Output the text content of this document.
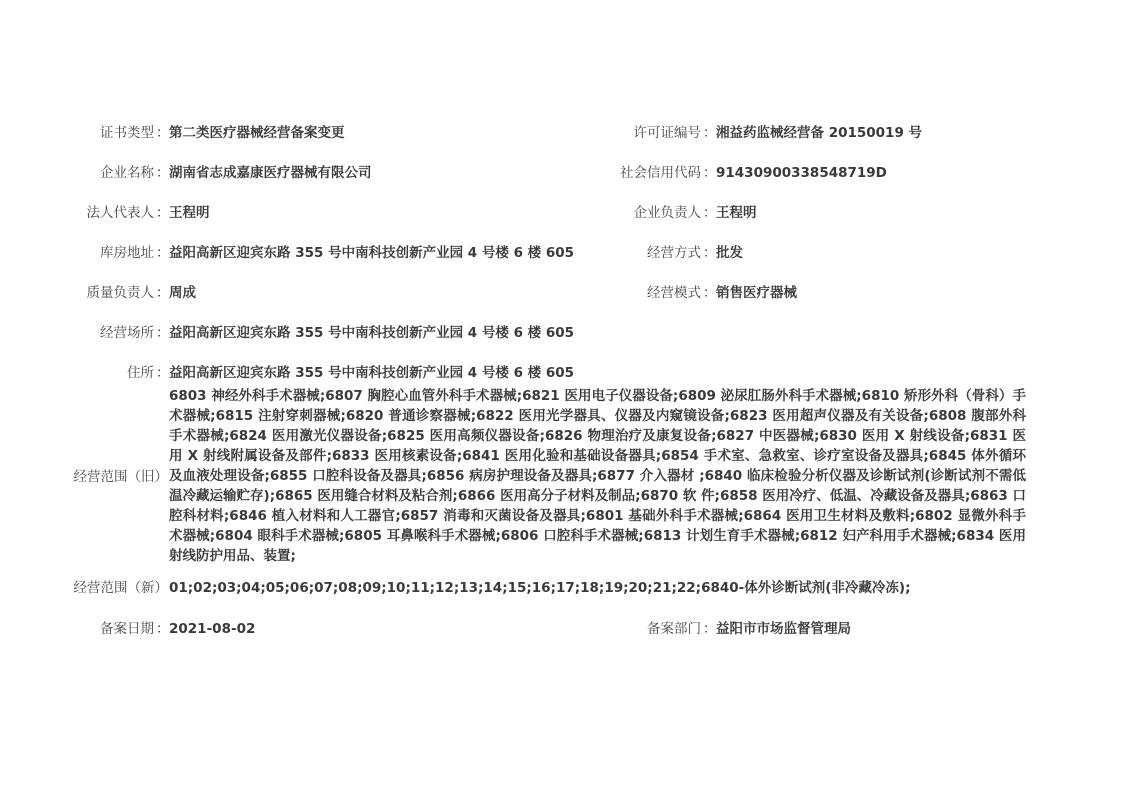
证书类型 ： 第二类医疗器械经营备案变更	许可证编号 ： 湘益药监械经营备 20150019 号
企业名称 ： 湖南省志成嘉康医疗器械有限公司	社会信用代码 ： 91430900338548719D
法人代表人 ： 王程明	企业负责人 ： 王程明
库房地址 ： 益阳高新区迎宾东路 355 号中南科技创新产业园 4 号楼 6 楼 605	经营方式 ： 批发
质量负责人 ： 周成	经营模式 ： 销售医疗器械
经营场所 ： 益阳高新区迎宾东路 355 号中南科技创新产业园 4 号楼 6 楼 605
住所 ： 益阳高新区迎宾东路 355 号中南科技创新产业园 4 号楼 6 楼 605
经营范围（旧）
6803 神经外科手术器械;6807 胸腔心血管外科手术器械;6821 医用电子仪器设备;6809 泌尿肛肠外科手术器械;6810 矫形外科（骨科）手术器械;6815 注射穿刺器械;6820 普通诊察器械;6822 医用光学器具、仪器及内窥镜设备;6823 医用超声仪器及有关设备;6808 腹部外科手术器械;6824 医用激光仪器设备;6825 医用高频仪器设备;6826 物理治疗及康复设备;6827 中医器械;6830 医用 X 射线设备;6831 医用 X 射线附属设备及部件;6833 医用核素设备;6841 医用化验和基础设备器具;6854 手术室、急救室、诊疗室设备及器具;6845 体外循环及血液处理设备;6855 口腔科设备及器具;6856 病房护理设备及器具;6877 介入器材 ;6840 临床检验分析仪器及诊断试剂(诊断试剂不需低温冷藏运输贮存);6865 医用缝合材料及粘合剂;6866 医用高分子材料及制品;6870 软 件;6858 医用冷疗、低温、冷藏设备及器具;6863 口腔科材料;6846 植入材料和人工器官;6857 消毒和灭菌设备及器具;6801 基础外科手术器械;6864 医用卫生材料及敷料;6802 显微外科手术器械;6804 眼科手术器械;6805 耳鼻喉科手术器械;6806 口腔科手术器械;6813 计划生育手术器械;6812 妇产科用手术器械;6834 医用射线防护用品、装置;
经营范围（新） 01;02;03;04;05;06;07;08;09;10;11;12;13;14;15;16;17;18;19;20;21;22;6840-体外诊断试剂(非冷藏冷冻);
备案日期 ： 2021-08-02	备案部门 ： 益阳市市场监督管理局
